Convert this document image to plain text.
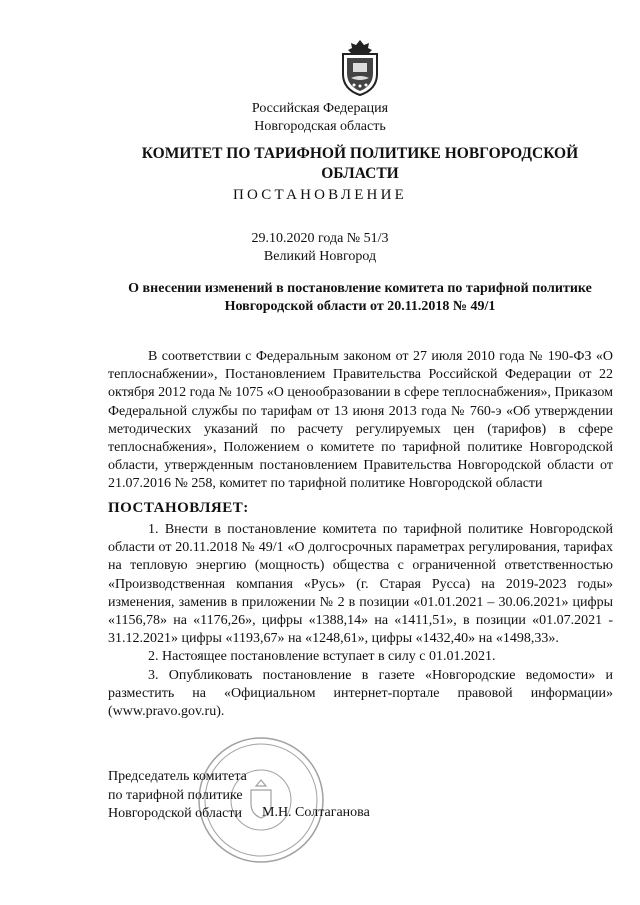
Российская Федерация
Новгородская область
КОМИТЕТ ПО ТАРИФНОЙ ПОЛИТИКЕ НОВГОРОДСКОЙ
ОБЛАСТИ
ПОСТАНОВЛЕНИЕ
29.10.2020 года № 51/3
Великий Новгород
О внесении изменений в постановление комитета по тарифной политике
Новгородской области от 20.11.2018 № 49/1

В соответствии с Федеральным законом от 27 июля 2010 года № 190-ФЗ «О теплоснабжении», Постановлением Правительства Российской Федерации от 22 октября 2012 года № 1075 «О ценообразовании в сфере теплоснабжения», Приказом Федеральной службы по тарифам от 13 июня 2013 года № 760-э «Об утверждении методических указаний по расчету регулируемых цен (тарифов) в сфере теплоснабжения», Положением о комитете по тарифной политике Новгородской области, утвержденным постановлением Правительства Новгородской области от 21.07.2016 № 258, комитет по тарифной политике Новгородской области

ПОСТАНОВЛЯЕТ:

1. Внести в постановление комитета по тарифной политике Новгородской области от 20.11.2018 № 49/1 «О долгосрочных параметрах регулирования, тарифах на тепловую энергию (мощность) общества с ограниченной ответственностью «Производственная компания «Русь» (г. Старая Русса) на 2019-2023 годы» изменения, заменив в приложении № 2 в позиции «01.01.2021 – 30.06.2021» цифры «1156,78» на «1176,26», цифры «1388,14» на «1411,51», в позиции «01.07.2021 - 31.12.2021» цифры «1193,67» на «1248,61», цифры «1432,40» на «1498,33».

2. Настоящее постановление вступает в силу с 01.01.2021.

3. Опубликовать постановление в газете «Новгородские ведомости» и разместить на «Официальном интернет-портале правовой информации» (www.pravo.gov.ru).

Председатель комитета
по тарифной политике
Новгородской области	М.Н. Солтаганова
